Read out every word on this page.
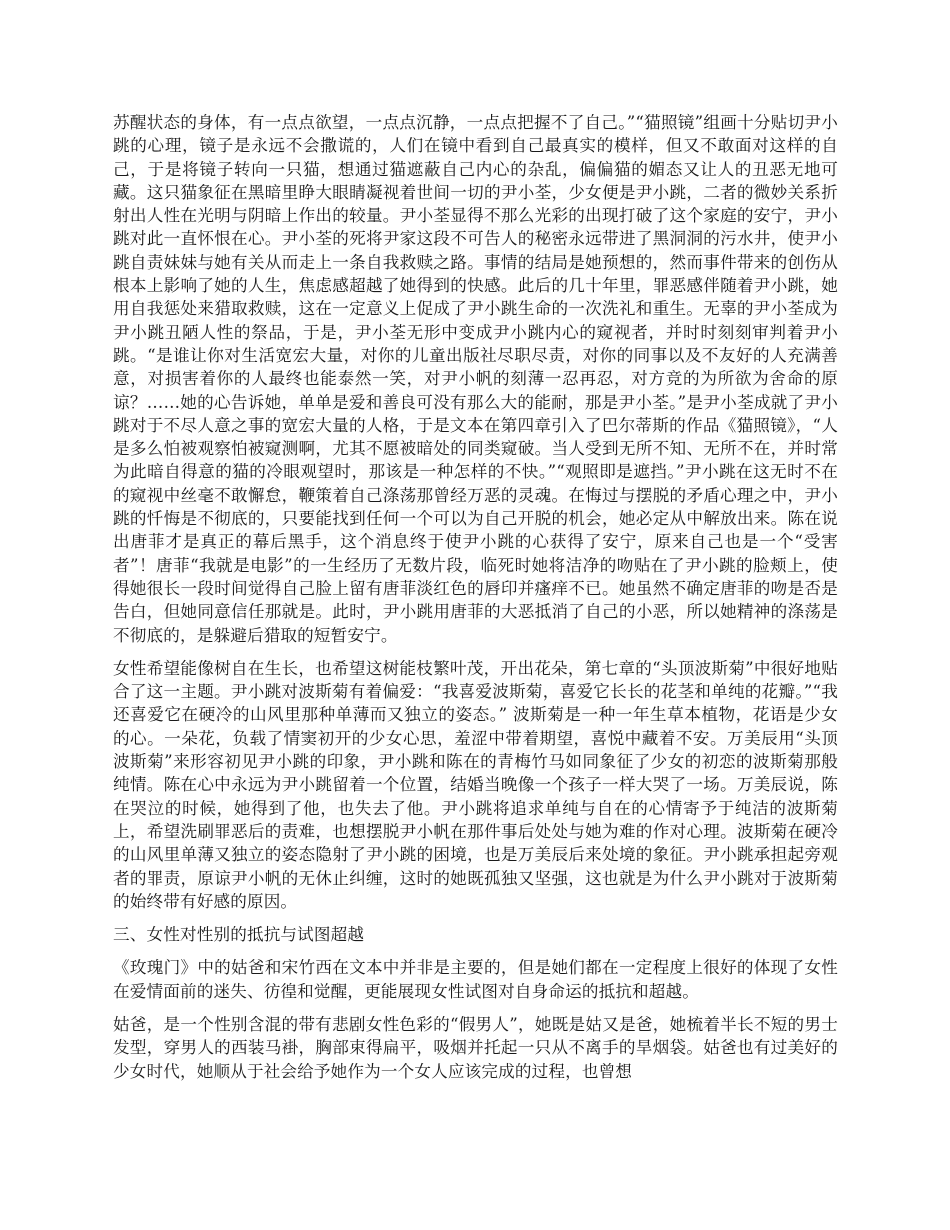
苏醒状态的身体，有一点点欲望，一点点沉静，一点点把握不了自己。”“猫照镜”组画十分贴切尹小跳的心理，镜子是永远不会撒谎的，人们在镜中看到自己最真实的模样，但又不敢面对这样的自己，于是将镜子转向一只猫，想通过猫遮蔽自己内心的杂乱，偏偏猫的媚态又让人的丑恶无地可藏。这只猫象征在黑暗里睁大眼睛凝视着世间一切的尹小荃，少女便是尹小跳，二者的微妙关系折射出人性在光明与阴暗上作出的较量。尹小荃显得不那么光彩的出现打破了这个家庭的安宁，尹小跳对此一直怀恨在心。尹小荃的死将尹家这段不可告人的秘密永远带进了黑洞洞的污水井，使尹小跳自责妹妹与她有关从而走上一条自我救赎之路。事情的结局是她预想的，然而事件带来的创伤从根本上影响了她的人生，焦虑感超越了她得到的快感。此后的几十年里，罪恶感伴随着尹小跳，她用自我惩处来猎取救赎，这在一定意义上促成了尹小跳生命的一次洗礼和重生。无辜的尹小荃成为尹小跳丑陋人性的祭品，于是，尹小荃无形中变成尹小跳内心的窥视者，并时时刻刻审判着尹小跳。“是谁让你对生活宽宏大量，对你的儿童出版社尽职尽责，对你的同事以及不友好的人充满善意，对损害着你的人最终也能泰然一笑，对尹小帆的刻薄一忍再忍，对方竞的为所欲为舍命的原谅？……她的心告诉她，单单是爱和善良可没有那么大的能耐，那是尹小荃。”是尹小荃成就了尹小跳对于不尽人意之事的宽宏大量的人格，于是文本在第四章引入了巴尔蒂斯的作品《猫照镜》，“人是多么怕被观察怕被窥测啊，尤其不愿被暗处的同类窥破。当人受到无所不知、无所不在，并时常为此暗自得意的猫的冷眼观望时，那该是一种怎样的不快。”“观照即是遮挡。”尹小跳在这无时不在的窥视中丝毫不敢懈怠，鞭策着自己涤荡那曾经万恶的灵魂。在悔过与摆脱的矛盾心理之中，尹小跳的忏悔是不彻底的，只要能找到任何一个可以为自己开脱的机会，她必定从中解放出来。陈在说出唐菲才是真正的幕后黑手，这个消息终于使尹小跳的心获得了安宁，原来自己也是一个“受害者”！唐菲“我就是电影”的一生经历了无数片段，临死时她将洁净的吻贴在了尹小跳的脸颊上，使得她很长一段时间觉得自己脸上留有唐菲淡红色的唇印并瘙痒不已。她虽然不确定唐菲的吻是否是告白，但她同意信任那就是。此时，尹小跳用唐菲的大恶抵消了自己的小恶，所以她精神的涤荡是不彻底的，是躲避后猎取的短暂安宁。

女性希望能像树自在生长，也希望这树能枝繁叶茂，开出花朵，第七章的“头顶波斯菊”中很好地贴合了这一主题。尹小跳对波斯菊有着偏爱：“我喜爱波斯菊，喜爱它长长的花茎和单纯的花瓣。”“我还喜爱它在硬冷的山风里那种单薄而又独立的姿态。” 波斯菊是一种一年生草本植物，花语是少女的心。一朵花，负载了情窦初开的少女心思，羞涩中带着期望，喜悦中藏着不安。万美辰用“头顶波斯菊”来形容初见尹小跳的印象，尹小跳和陈在的青梅竹马如同象征了少女的初恋的波斯菊那般纯情。陈在心中永远为尹小跳留着一个位置，结婚当晚像一个孩子一样大哭了一场。万美辰说，陈在哭泣的时候，她得到了他，也失去了他。尹小跳将追求单纯与自在的心情寄予于纯洁的波斯菊上，希望洗刷罪恶后的责难，也想摆脱尹小帆在那件事后处处与她为难的作对心理。波斯菊在硬冷的山风里单薄又独立的姿态隐射了尹小跳的困境，也是万美辰后来处境的象征。尹小跳承担起旁观者的罪责，原谅尹小帆的无休止纠缠，这时的她既孤独又坚强，这也就是为什么尹小跳对于波斯菊的始终带有好感的原因。

三、女性对性别的抵抗与试图超越

《玫瑰门》中的姑爸和宋竹西在文本中并非是主要的，但是她们都在一定程度上很好的体现了女性在爱情面前的迷失、彷徨和觉醒，更能展现女性试图对自身命运的抵抗和超越。

姑爸，是一个性别含混的带有悲剧女性色彩的“假男人”，她既是姑又是爸，她梳着半长不短的男士发型，穿男人的西装马褂，胸部束得扁平，吸烟并托起一只从不离手的旱烟袋。姑爸也有过美好的少女时代，她顺从于社会给予她作为一个女人应该完成的过程，也曾想
